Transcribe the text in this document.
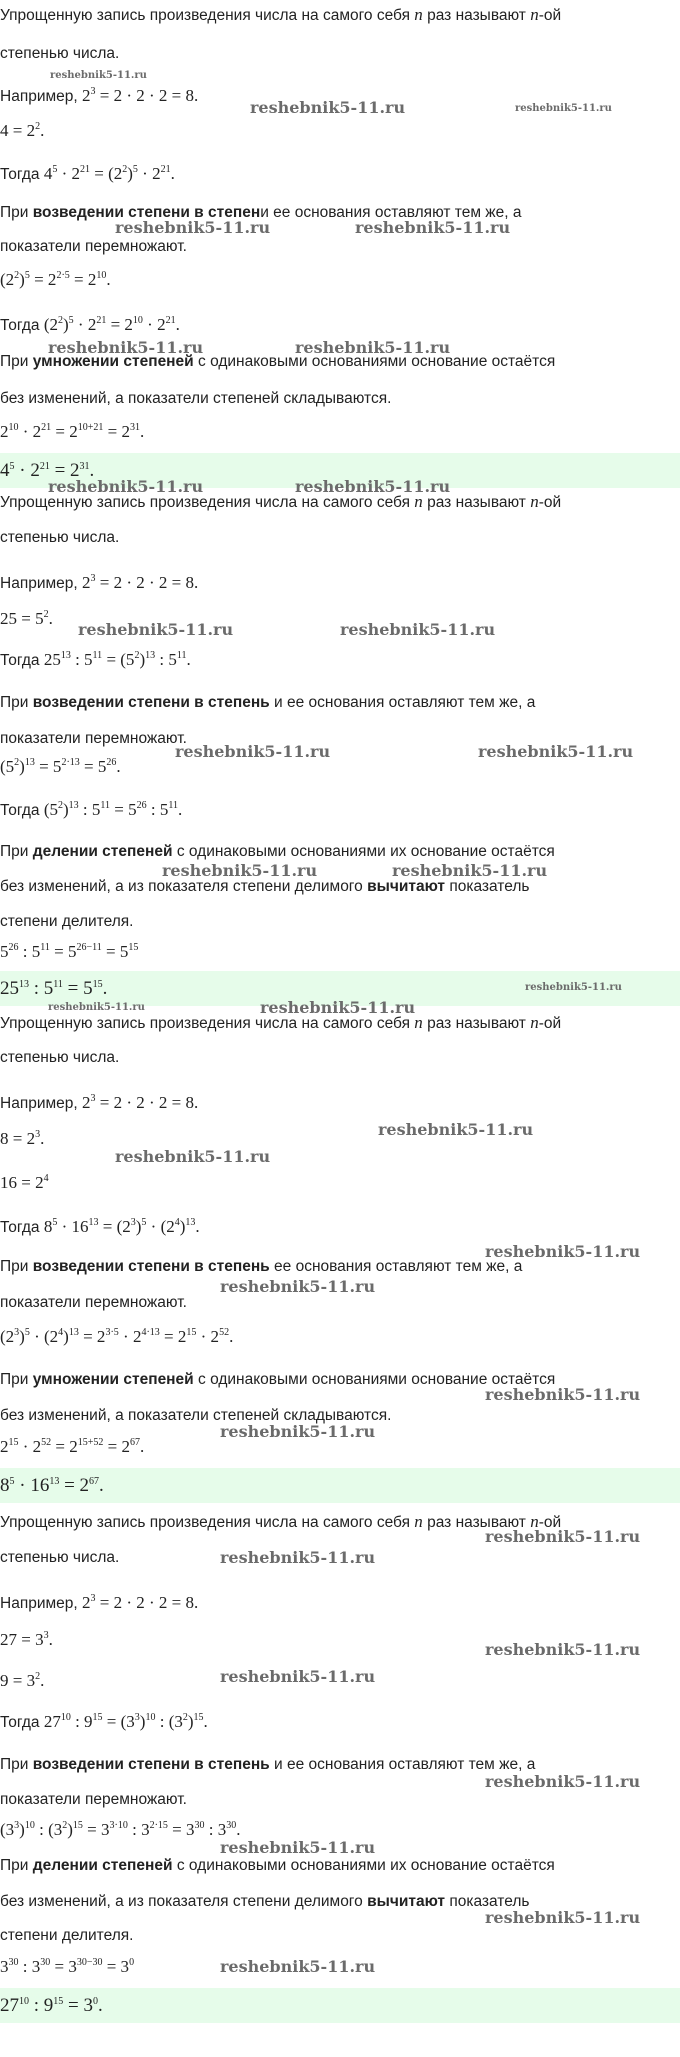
Упрощенную запись произведения числа на самого себя n раз называют n-ой
степенью числа.
Например, $2^3 = 2 \cdot 2 \cdot 2 = 8$.
$4 = 2^2$.
Тогда $4^5 \cdot 2^{21} = (2^2)^5 \cdot 2^{21}$.
При возведении степени в степени ее основания оставляют тем же, а
показатели перемножают.
$(2^2)^5 = 2^{2\cdot 5} = 2^{10}$.
Тогда $(2^2)^5 \cdot 2^{21} = 2^{10} \cdot 2^{21}$.
При умножении степеней с одинаковыми основаниями основание остаётся
без изменений, а показатели степеней складываются.
$2^{10} \cdot 2^{21} = 2^{10+21} = 2^{31}$.
$4^5 \cdot 2^{21} = 2^{31}$.
Упрощенную запись произведения числа на самого себя n раз называют n-ой
степенью числа.
Например, $2^3 = 2 \cdot 2 \cdot 2 = 8$.
$25 = 5^2$.
Тогда $25^{13}$ : $5^{11} = (5^2)^{13}$ : $5^{11}$.
При возведении степени в степень и ее основания оставляют тем же, а
показатели перемножают.
$(5^2)^{13} = 5^{2\cdot 13} = 5^{26}$.
Тогда $(5^2)^{13}$ : $5^{11} = 5^{26}$ : $5^{11}$.
При делении степеней с одинаковыми основаниями их основание остаётся
без изменений, а из показателя степени делимого вычитают показатель
степени делителя.
$5^{26}$ : $5^{11} = 5^{26-11} = 5^{15}$
$25^{13}$ : $5^{11} = 5^{15}$.
Упрощенную запись произведения числа на самого себя n раз называют n-ой
степенью числа.
Например, $2^3 = 2 \cdot 2 \cdot 2 = 8$.
$8 = 2^3$.
$16 = 2^4$
Тогда $8^5 \cdot 16^{13} = (2^3)^5 \cdot (2^4)^{13}$.
При возведении степени в степень ее основания оставляют тем же, а
показатели перемножают.
$(2^3)^5 \cdot (2^4)^{13} = 2^{3\cdot 5} \cdot 2^{4\cdot 13} = 2^{15} \cdot 2^{52}$.
При умножении степеней с одинаковыми основаниями основание остаётся
без изменений, а показатели степеней складываются.
$2^{15} \cdot 2^{52} = 2^{15+52} = 2^{67}$.
$8^5 \cdot 16^{13} = 2^{67}$.
Упрощенную запись произведения числа на самого себя n раз называют n-ой
степенью числа.
Например, $2^3 = 2 \cdot 2 \cdot 2 = 8$.
$27 = 3^3$.
$9 = 3^2$.
Тогда $27^{10}$ : $9^{15} = (3^3)^{10}$ : $(3^2)^{15}$.
При возведении степени в степень и ее основания оставляют тем же, а
показатели перемножают.
$(3^3)^{10}$ : $(3^2)^{15} = 3^{3\cdot 10}$ : $3^{2\cdot 15} = 3^{30}$ : $3^{30}$.
При делении степеней с одинаковыми основаниями их основание остаётся
без изменений, а из показателя степени делимого вычитают показатель
степени делителя.
$3^{30}$ : $3^{30} = 3^{30-30} = 3^0$
$27^{10}$ : $9^{15} = 3^0$.
reshebnik5-11.ru
reshebnik5-11.ru	reshebnik5-11.ru
reshebnik5-11.ru	reshebnik5-11.ru
reshebnik5-11.ru	reshebnik5-11.ru
reshebnik5-11.ru	reshebnik5-11.ru
reshebnik5-11.ru	reshebnik5-11.ru
reshebnik5-11.ru	reshebnik5-11.ru
reshebnik5-11.ru	reshebnik5-11.ru
reshebnik5-11.ru
reshebnik5-11.ru	reshebnik5-11.ru
reshebnik5-11.ru
reshebnik5-11.ru
reshebnik5-11.ru
reshebnik5-11.ru
reshebnik5-11.ru
reshebnik5-11.ru
reshebnik5-11.ru
reshebnik5-11.ru
reshebnik5-11.ru
reshebnik5-11.ru
reshebnik5-11.ru
reshebnik5-11.ru
reshebnik5-11.ru
reshebnik5-11.ru
